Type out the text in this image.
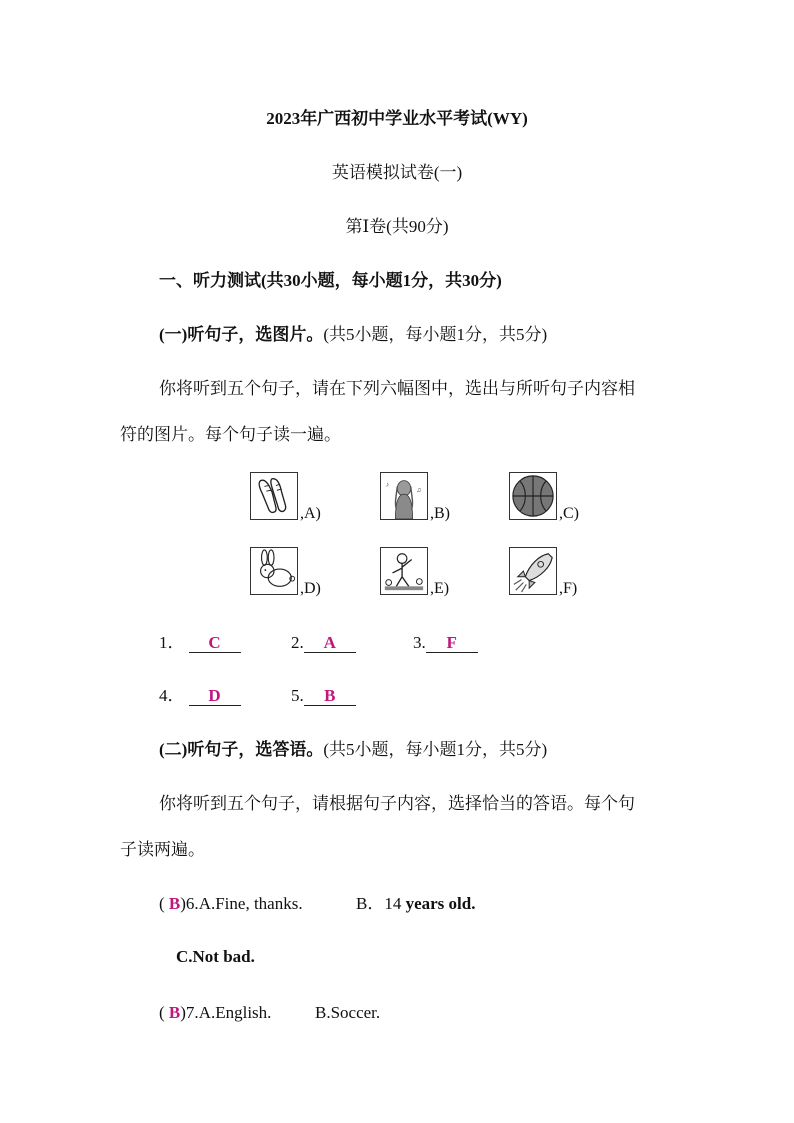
2023年广西初中学业水平考试(WY)
英语模拟试卷(一)
第Ⅰ卷(共90分)
一、听力测试(共30小题，每小题1分，共30分)
(一)听句子，选图片。(共5小题，每小题1分，共5分)
你将听到五个句子，请在下列六幅图中，选出与所听句子内容相
符的图片。每个句子读一遍。
,A)
♪
♫
,B)	,C)
,D)	,E)	,F)
1． C	2. A	3. F
4． D	5. B
(二)听句子，选答语。(共5小题，每小题1分，共5分)
你将听到五个句子，请根据句子内容，选择恰当的答语。每个句
子读两遍。
( B)6.A.Fine, thanks.	B．14 years old.
C.Not bad.
( B)7.A.English.	B.Soccer.
